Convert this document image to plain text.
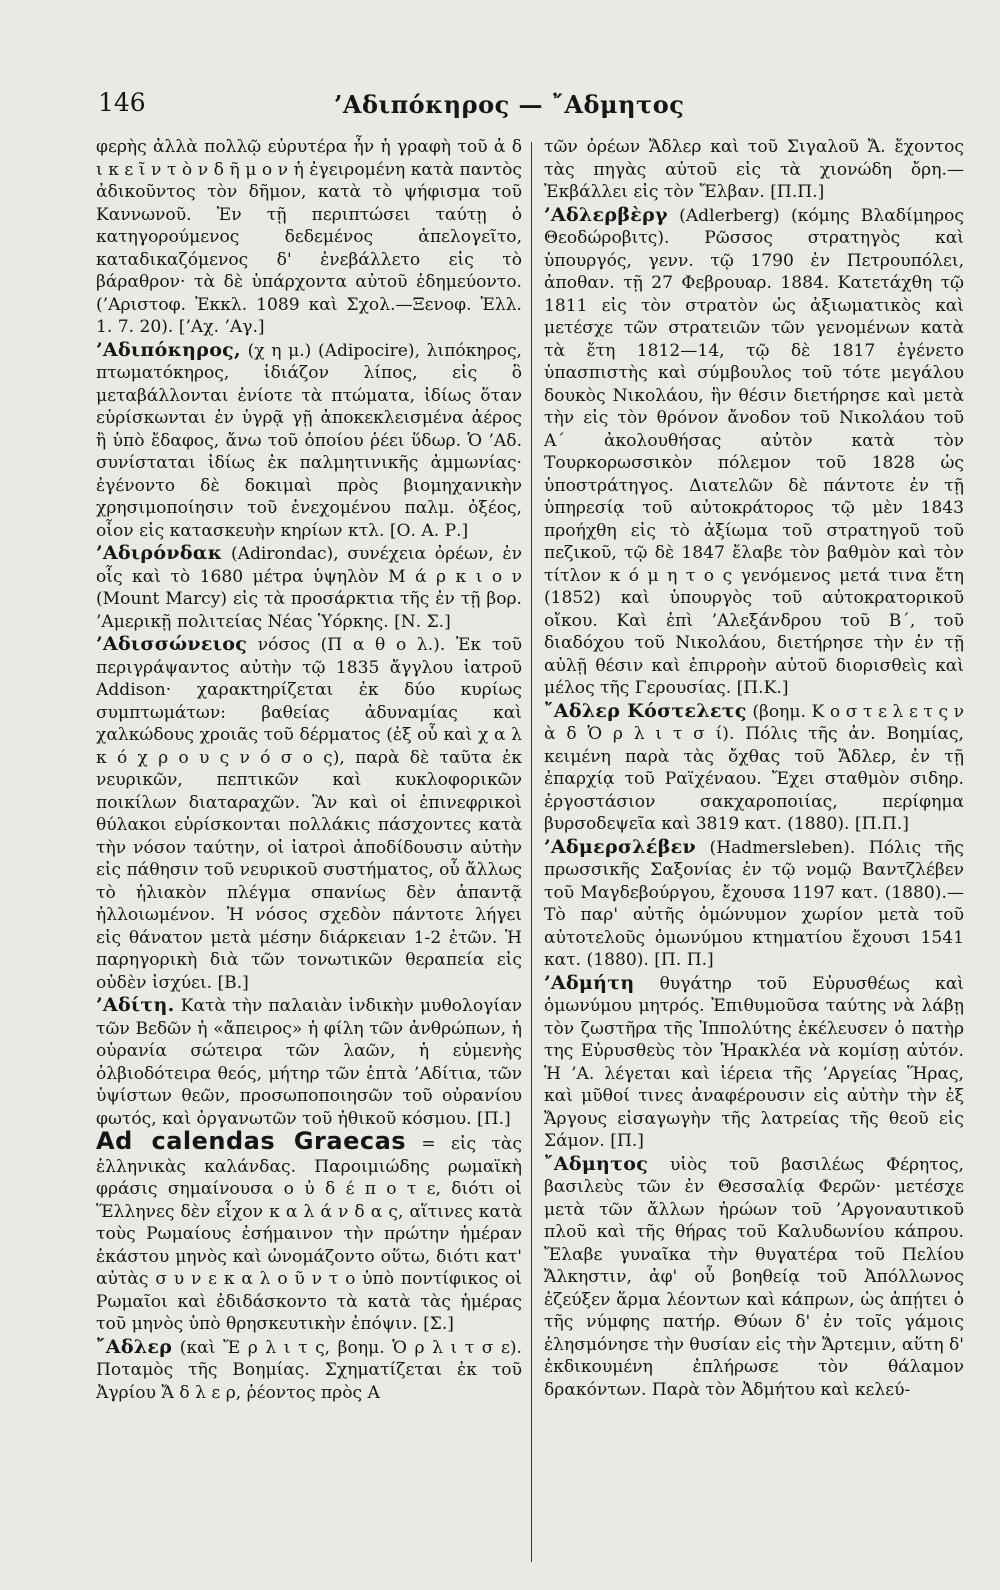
146	’Αδιπόκηρος — ῎Αδμητος

φερὴς ἀλλὰ πολλῷ εὐρυτέρα ἦν ἡ γραφὴ τοῦ ἀ δ ι κ ε ῖ ν τ ὸ ν δ ῆ μ ο ν ἡ ἐγειρομένη κατὰ παντὸς ἀδικοῦντος τὸν δῆμον, κατὰ τὸ ψήφισμα τοῦ Καννωνοῦ. Ἐν τῇ περιπτώσει ταύτῃ ὁ κατηγορούμενος δεδεμένος ἀπελογεῖτο, καταδικαζόμενος δ' ἐνεβάλλετο εἰς τὸ βάραθρον· τὰ δὲ ὑπάρχοντα αὐτοῦ ἐδημεύοντο. (’Αριστοφ. Ἐκκλ. 1089 καὶ Σχολ.—Ξενοφ. Ἑλλ. 1. 7. 20). [’Αχ. ’Αγ.]

’Αδιπόκηρος, (χ η μ.) (Adipocire), λιπόκηρος, πτωματόκηρος, ἰδιάζον λίπος, εἰς ὃ μεταβάλλονται ἐνίοτε τὰ πτώματα, ἰδίως ὅταν εὑρίσκωνται ἐν ὑγρᾷ γῇ ἀποκεκλεισμένα ἀέρος ἢ ὑπὸ ἔδαφος, ἄνω τοῦ ὁποίου ῥέει ὕδωρ. Ὁ ’Αδ. συνίσταται ἰδίως ἐκ παλμητινικῆς ἀμμωνίας· ἐγένοντο δὲ δοκιμαὶ πρὸς βιομηχανικὴν χρησιμοποίησιν τοῦ ἐνεχομένου παλμ. ὀξέος, οἷον εἰς κατασκευὴν κηρίων κτλ. [Ο. Α. Ρ.]

’Αδιρόνδακ (Adirondac), συνέχεια ὀρέων, ἐν οἷς καὶ τὸ 1680 μέτρα ὑψηλὸν Μ ά ρ κ ι ο ν (Mount Marcy) εἰς τὰ προσάρκτια τῆς ἐν τῇ βορ. ’Αμερικῇ πολιτείας Νέας Ὑόρκης. [Ν. Σ.]

’Αδισσώνειος νόσος (Π α θ ο λ.). Ἐκ τοῦ περιγράψαντος αὐτὴν τῷ 1835 ἄγγλου ἰατροῦ Addison· χαρακτηρίζεται ἐκ δύο κυρίως συμπτωμάτων: βαθείας ἀδυναμίας καὶ χαλκώδους χροιᾶς τοῦ δέρματος (ἐξ οὗ καὶ χ α λ κ ό χ ρ ο υ ς ν ό σ ο ς), παρὰ δὲ ταῦτα ἐκ νευρικῶν, πεπτικῶν καὶ κυκλοφορικῶν ποικίλων διαταραχῶν. Ἂν καὶ οἱ ἐπινεφρικοὶ θύλακοι εὑρίσκονται πολλάκις πάσχοντες κατὰ τὴν νόσον ταύτην, οἱ ἰατροὶ ἀποδίδουσιν αὐτὴν εἰς πάθησιν τοῦ νευρικοῦ συστήματος, οὗ ἄλλως τὸ ἡλιακὸν πλέγμα σπανίως δὲν ἀπαντᾷ ἠλλοιωμένον. Ἡ νόσος σχεδὸν πάντοτε λήγει εἰς θάνατον μετὰ μέσην διάρκειαν 1-2 ἐτῶν. Ἡ παρηγορικὴ διὰ τῶν τονωτικῶν θεραπεία εἰς οὐδὲν ἰσχύει. [Β.]

’Αδίτη. Κατὰ τὴν παλαιὰν ἰνδικὴν μυθολογίαν τῶν Βεδῶν ἡ «ἄπειρος» ἡ φίλη τῶν ἀνθρώπων, ἡ οὐρανία σώτειρα τῶν λαῶν, ἡ εὐμενὴς ὀλβιοδότειρα θεός, μήτηρ τῶν ἑπτὰ ’Αδίτια, τῶν ὑψίστων θεῶν, προσωποποιησῶν τοῦ οὐρανίου φωτός, καὶ ὀργανωτῶν τοῦ ἠθικοῦ κόσμου. [Π.]

Ad calendas Graecas = εἰς τὰς ἑλληνικὰς καλάνδας. Παροιμιώδης ρωμαϊκὴ φράσις σημαίνουσα ο ὐ δ έ π ο τ ε, διότι οἱ Ἕλληνες δὲν εἶχον κ α λ ά ν δ α ς, αἵτινες κατὰ τοὺς Ρωμαίους ἐσήμαινον τὴν πρώτην ἡμέραν ἑκάστου μηνὸς καὶ ὠνομάζοντο οὕτω, διότι κατ' αὐτὰς σ υ ν ε κ α λ ο ῦ ν τ ο ὑπὸ ποντίφικος οἱ Ρωμαῖοι καὶ ἐδιδάσκοντο τὰ κατὰ τὰς ἡμέρας τοῦ μηνὸς ὑπὸ θρησκευτικὴν ἐπόψιν. [Σ.]

῎Αδλερ (καὶ Ἔ ρ λ ι τ ς, βοημ. Ὁ ρ λ ι τ σ ε). Ποταμὸς τῆς Βοημίας. Σχηματίζεται ἐκ τοῦ Ἀγρίου Ἄ δ λ ε ρ, ῥέοντος πρὸς Α

τῶν ὀρέων Ἄδλερ καὶ τοῦ Σιγαλοῦ Ἄ. ἔχοντος τὰς πηγὰς αὐτοῦ εἰς τὰ χιονώδη ὄρη.—Ἐκβάλλει εἰς τὸν Ἔλβαν. [Π.Π.]

’Αδλερβὲργ (Adlerberg) (κόμης Βλαδίμηρος Θεοδώροβιτς). Ρῶσσος στρατηγὸς καὶ ὑπουργός, γενν. τῷ 1790 ἐν Πετρουπόλει, ἀποθαν. τῇ 27 Φεβρουαρ. 1884. Κατετάχθη τῷ 1811 εἰς τὸν στρατὸν ὡς ἀξιωματικὸς καὶ μετέσχε τῶν στρατειῶν τῶν γενομένων κατὰ τὰ ἔτη 1812—14, τῷ δὲ 1817 ἐγένετο ὑπασπιστὴς καὶ σύμβουλος τοῦ τότε μεγάλου δουκὸς Νικολάου, ἣν θέσιν διετήρησε καὶ μετὰ τὴν εἰς τὸν θρόνον ἄνοδον τοῦ Νικολάου τοῦ Α΄ ἀκολουθήσας αὐτὸν κατὰ τὸν Τουρκορωσσικὸν πόλεμον τοῦ 1828 ὡς ὑποστράτηγος. Διατελῶν δὲ πάντοτε ἐν τῇ ὑπηρεσίᾳ τοῦ αὐτοκράτορος τῷ μὲν 1843 προήχθη εἰς τὸ ἀξίωμα τοῦ στρατηγοῦ τοῦ πεζικοῦ, τῷ δὲ 1847 ἔλαβε τὸν βαθμὸν καὶ τὸν τίτλον κ ό μ η τ ο ς γενόμενος μετά τινα ἔτη (1852) καὶ ὑπουργὸς τοῦ αὐτοκρατορικοῦ οἴκου. Καὶ ἐπὶ ’Αλεξάνδρου τοῦ Β΄, τοῦ διαδόχου τοῦ Νικολάου, διετήρησε τὴν ἐν τῇ αὐλῇ θέσιν καὶ ἐπιρροὴν αὐτοῦ διορισθεὶς καὶ μέλος τῆς Γερουσίας. [Π.Κ.]

῎Αδλερ Κόστελετς (βοημ. Κ ο σ τ ε λ ε τ ς ν ὰ δ Ὁ ρ λ ι τ σ ί). Πόλις τῆς ἀν. Βοημίας, κειμένη παρὰ τὰς ὄχθας τοῦ Ἄδλερ, ἐν τῇ ἐπαρχίᾳ τοῦ Ραϊχέναου. Ἔχει σταθμὸν σιδηρ. ἐργοστάσιον σακχαροποιίας, περίφημα βυρσοδεψεῖα καὶ 3819 κατ. (1880). [Π.Π.]

’Αδμερσλέβεν (Hadmersleben). Πόλις τῆς πρωσσικῆς Σαξονίας ἐν τῷ νομῷ Βαντζλέβεν τοῦ Μαγδεβούργου, ἔχουσα 1197 κατ. (1880).—Τὸ παρ' αὐτῆς ὁμώνυμον χωρίον μετὰ τοῦ αὐτοτελοῦς ὁμωνύμου κτηματίου ἔχουσι 1541 κατ. (1880). [Π. Π.]

’Αδμήτη θυγάτηρ τοῦ Εὐρυσθέως καὶ ὁμωνύμου μητρός. Ἐπιθυμοῦσα ταύτης νὰ λάβῃ τὸν ζωστῆρα τῆς Ἱππολύτης ἐκέλευσεν ὁ πατὴρ της Εὐρυσθεὺς τὸν Ἡρακλέα νὰ κομίσῃ αὐτόν. Ἡ ’Α. λέγεται καὶ ἱέρεια τῆς ’Αργείας Ἥρας, καὶ μῦθοί τινες ἀναφέρουσιν εἰς αὐτὴν τὴν ἐξ Ἄργους εἰσαγωγὴν τῆς λατρείας τῆς θεοῦ εἰς Σάμον. [Π.]

῎Αδμητος υἱὸς τοῦ βασιλέως Φέρητος, βασιλεὺς τῶν ἐν Θεσσαλίᾳ Φερῶν· μετέσχε μετὰ τῶν ἄλλων ἡρώων τοῦ ’Αργοναυτικοῦ πλοῦ καὶ τῆς θήρας τοῦ Καλυδωνίου κάπρου. Ἔλαβε γυναῖκα τὴν θυγατέρα τοῦ Πελίου Ἄλκηστιν, ἀφ' οὗ βοηθείᾳ τοῦ Ἀπόλλωνος ἐζεύξεν ἅρμα λέοντων καὶ κάπρων, ὡς ἀπῄτει ὁ τῆς νύμφης πατήρ. Θύων δ' ἐν τοῖς γάμοις ἐλησμόνησε τὴν θυσίαν εἰς τὴν Ἄρτεμιν, αὕτη δ' ἐκδικουμένη ἐπλήρωσε τὸν θάλαμον δρακόντων. Παρὰ τὸν Ἀδμήτου καὶ κελεύ-
